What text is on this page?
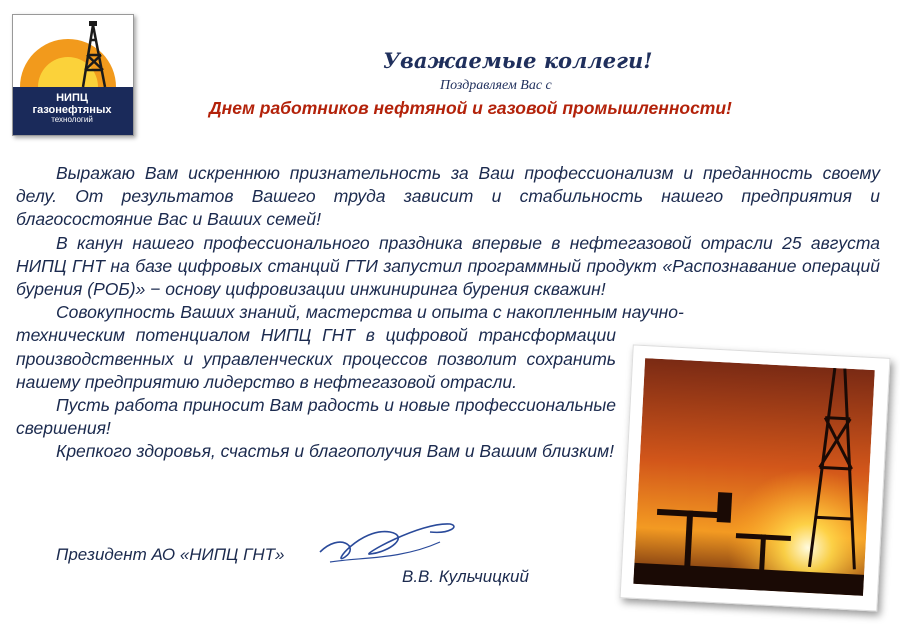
НИПЦ
газонефтяных
технологий
Уважаемые коллеги!
Поздравляем Вас с
Днем работников нефтяной и газовой промышленности!

Выражаю Вам искреннюю признательность за Ваш профессионализм и преданность своему делу. От результатов Вашего труда зависит и стабильность нашего предприятия и благосостояние Вас и Ваших семей!

В канун нашего профессионального праздника впервые в нефтегазовой отрасли 25 августа НИПЦ ГНТ на базе цифровых станций ГТИ запустил программный продукт «Распознавание операций бурения (РОБ)» − основу цифровизации инжиниринга бурения скважин!

Совокупность Ваших знаний, мастерства и опыта с накопленным научно-

техническим потенциалом НИПЦ ГНТ в цифровой трансформации производственных и управленческих процессов позволит сохранить нашему предприятию лидерство в нефтегазовой отрасли.

Пусть работа приносит Вам радость и новые профессиональные свершения!

Крепкого здоровья, счастья и благополучия Вам и Вашим близким!

Президент АО «НИПЦ ГНТ»
В.В. Кульчицкий
